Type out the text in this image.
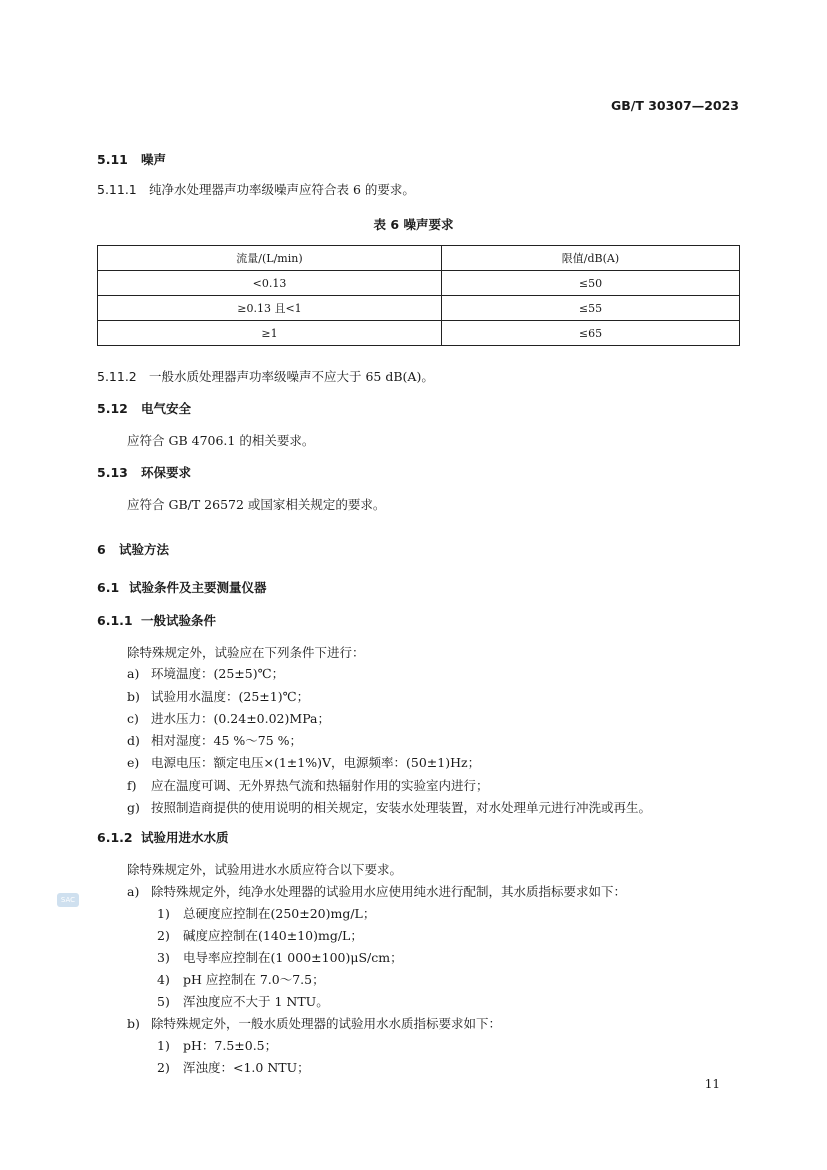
GB/T 30307—2023
5.11 噪声
5.11.1 纯净水处理器声功率级噪声应符合表 6 的要求。
表 6 噪声要求
流量/(L/min)	限值/dB(A)
<0.13	≤50
≥0.13 且<1	≤55
≥1	≤65
5.11.2 一般水质处理器声功率级噪声不应大于 65 dB(A)。
5.12 电气安全
应符合 GB 4706.1 的相关要求。
5.13 环保要求
应符合 GB/T 26572 或国家相关规定的要求。
6 试验方法
6.1 试验条件及主要测量仪器
6.1.1 一般试验条件
除特殊规定外，试验应在下列条件下进行：
a) 环境温度：(25±5)℃；
b) 试验用水温度：(25±1)℃；
c) 进水压力：(0.24±0.02)MPa；
d) 相对湿度：45 %～75 %；
e) 电源电压：额定电压×(1±1%)V，电源频率：(50±1)Hz；
f) 应在温度可调、无外界热气流和热辐射作用的实验室内进行；
g) 按照制造商提供的使用说明的相关规定，安装水处理装置，对水处理单元进行冲洗或再生。
6.1.2 试验用进水水质
除特殊规定外，试验用进水水质应符合以下要求。
a) 除特殊规定外，纯净水处理器的试验用水应使用纯水进行配制，其水质指标要求如下：
SAC
1) 总硬度应控制在(250±20)mg/L；
2) 碱度应控制在(140±10)mg/L；
3) 电导率应控制在(1 000±100)μS/cm；
4) pH 应控制在 7.0～7.5；
5) 浑浊度应不大于 1 NTU。
b) 除特殊规定外，一般水质处理器的试验用水水质指标要求如下：
1) pH：7.5±0.5；
2) 浑浊度：<1.0 NTU；
11
